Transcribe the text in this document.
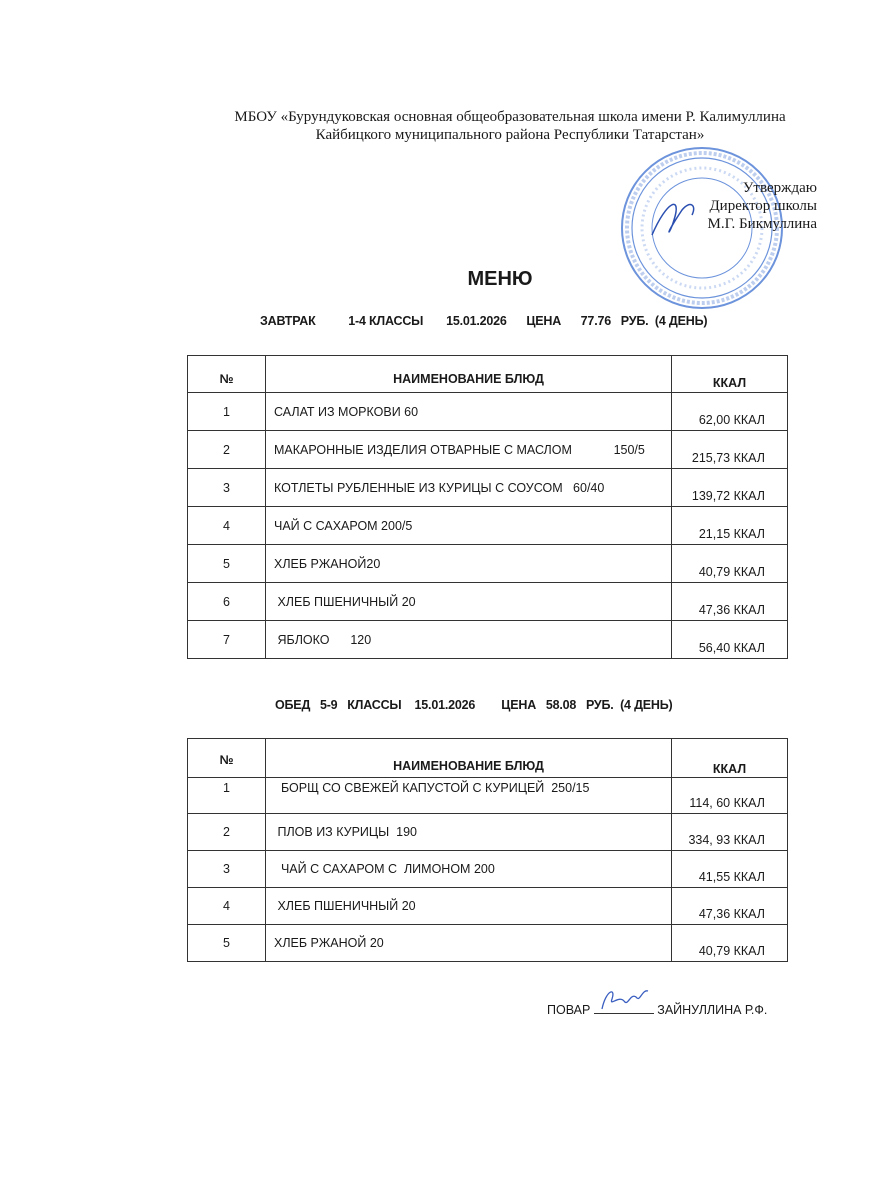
МБОУ «Бурундуковская основная общеобразовательная школа имени Р. Калимуллина
Кайбицкого муниципального района Республики Татарстан»
Утверждаю
Директор школы
М.Г. Бикмуллина
МЕНЮ
ЗАВТРАК          1-4 КЛАССЫ       15.01.2026      ЦЕНА      77.76   РУБ.  (4 ДЕНЬ)
№	НАИМЕНОВАНИЕ БЛЮД	ККАЛ
1	САЛАТ ИЗ МОРКОВИ 60	62,00 ККАЛ
2	МАКАРОННЫЕ ИЗДЕЛИЯ ОТВАРНЫЕ С МАСЛОМ            150/5	215,73 ККАЛ
3	КОТЛЕТЫ РУБЛЕННЫЕ ИЗ КУРИЦЫ С СОУСОМ   60/40	139,72 ККАЛ
4	ЧАЙ С САХАРОМ 200/5	21,15 ККАЛ
5	ХЛЕБ РЖАНОЙ20	40,79 ККАЛ
6	ХЛЕБ ПШЕНИЧНЫЙ 20	47,36 ККАЛ
7	ЯБЛОКО      120	56,40 ККАЛ
ОБЕД   5-9   КЛАССЫ    15.01.2026        ЦЕНА   58.08   РУБ.  (4 ДЕНЬ)
№	НАИМЕНОВАНИЕ БЛЮД	ККАЛ
1	БОРЩ СО СВЕЖЕЙ КАПУСТОЙ С КУРИЦЕЙ  250/15	114, 60 ККАЛ
2	ПЛОВ ИЗ КУРИЦЫ  190	334, 93 ККАЛ
3	ЧАЙ С САХАРОМ С  ЛИМОНОМ 200	41,55 ККАЛ
4	ХЛЕБ ПШЕНИЧНЫЙ 20	47,36 ККАЛ
5	ХЛЕБ РЖАНОЙ 20	40,79 ККАЛ
ПОВАР	ЗАЙНУЛЛИНА Р.Ф.
